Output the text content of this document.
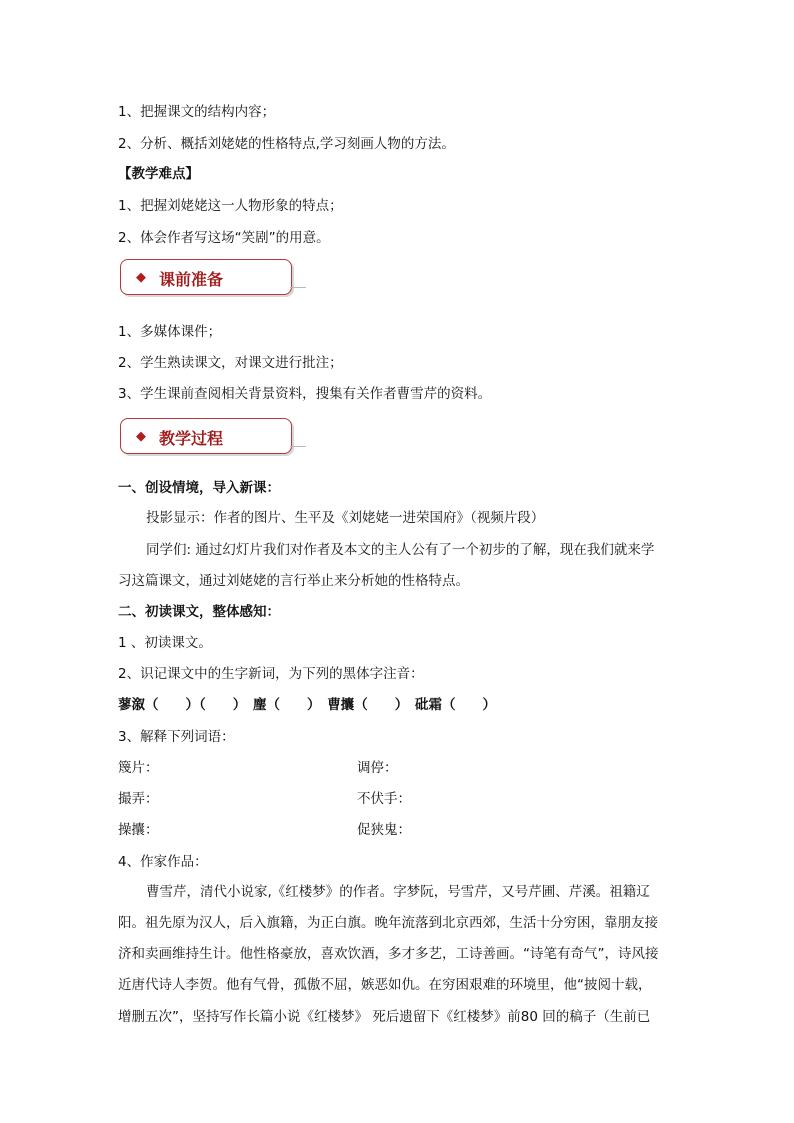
1、把握课文的结构内容；
2、分析、概括刘姥姥的性格特点,学习刻画人物的方法。
【教学难点】
1、把握刘姥姥这一人物形象的特点；
2、体会作者写这场“笑剧”的用意。
◆ 课前准备
1、多媒体课件；
2、学生熟读课文，对课文进行批注；
3、学生课前查阅相关背景资料，搜集有关作者曹雪芹的资料。
◆ 教学过程
一、创设情境，导入新课：
投影显示：作者的图片、生平及《刘姥姥一进荣国府》（视频片段）
同学们: 通过幻灯片我们对作者及本文的主人公有了一个初步的了解，现在我们就来学
习这篇课文，通过刘姥姥的言行举止来分析她的性格特点。
二、初读课文，整体感知：
1 、初读课文。
2、识记课文中的生字新词，为下列的黑体字注音：
蓼溆（　　）（　　）　麈（　　）　曹攮（　　）　砒霜（　　）
3、解释下列词语：
篾片：	调停：
撮弄：	不伏手：
操攮：	促狭鬼：
4、作家作品：
曹雪芹，清代小说家,《红楼梦》的作者。字梦阮，号雪芹，又号芹圃、芹溪。祖籍辽
阳。祖先原为汉人，后入旗籍，为正白旗。晚年流落到北京西郊，生活十分穷困，靠朋友接
济和卖画维持生计。他性格豪放，喜欢饮酒，多才多艺，工诗善画。“诗笔有奇气”，诗风接
近唐代诗人李贺。他有气骨，孤傲不屈，嫉恶如仇。在穷困艰难的环境里，他“披阅十载，
增删五次”，坚持写作长篇小说《红楼梦》 死后遗留下《红楼梦》前80 回的稿子（生前已
